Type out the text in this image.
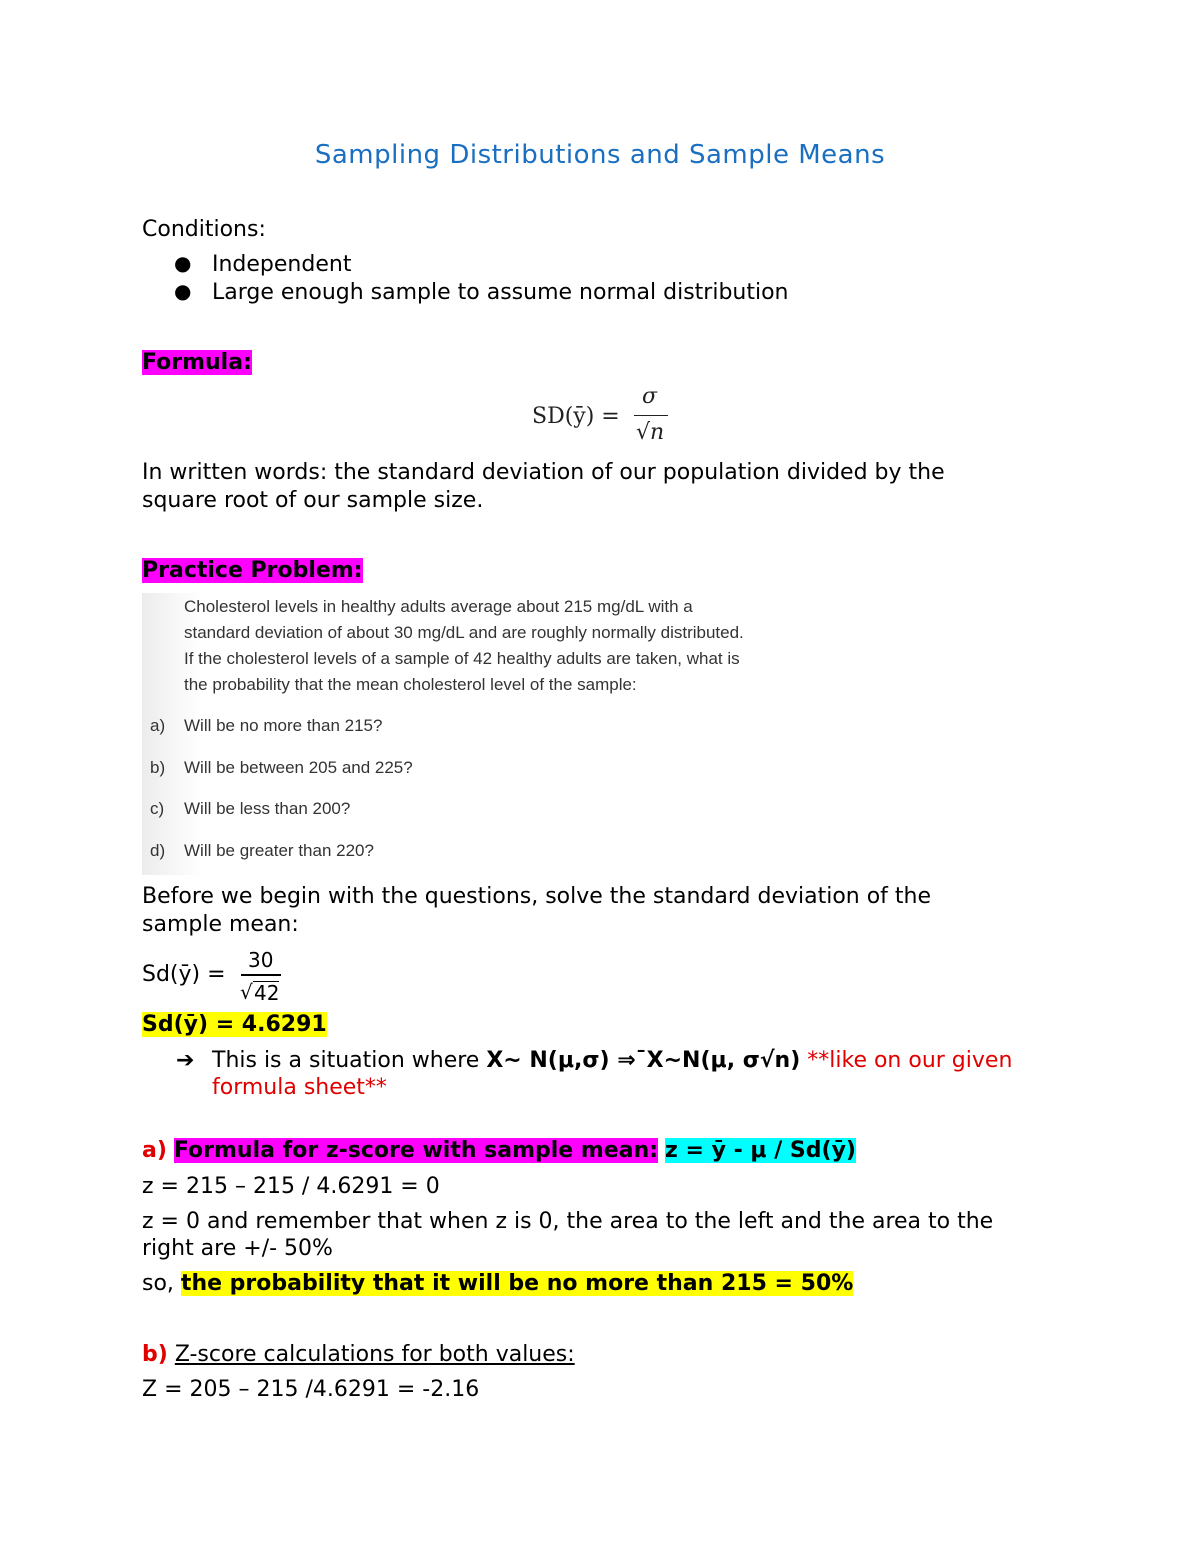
Sampling Distributions and Sample Means
Conditions:
● Independent
● Large enough sample to assume normal distribution
Formula:
SD(ȳ) =
σ
√n
In written words: the standard deviation of our population divided by the
square root of our sample size.
Practice Problem:
Cholesterol levels in healthy adults average about 215 mg/dL with a
standard deviation of about 30 mg/dL and are roughly normally distributed.
If the cholesterol levels of a sample of 42 healthy adults are taken, what is
the probability that the mean cholesterol level of the sample:
a) Will be no more than 215?
b) Will be between 205 and 225?
c) Will be less than 200?
d) Will be greater than 220?
Before we begin with the questions, solve the standard deviation of the
sample mean:
Sd(ȳ) =
30
√ 42
Sd(ȳ) = 4.6291
➔ This is a situation where X~ N(μ,σ) ⇒¯X~N(μ, σ√n) **like on our given
formula sheet**
a) Formula for z-score with sample mean: z = ȳ - μ / Sd(ȳ)
z = 215 – 215 / 4.6291 = 0
z = 0 and remember that when z is 0, the area to the left and the area to the
right are +/- 50%
so, the probability that it will be no more than 215 = 50%
b) Z-score calculations for both values:
Z = 205 – 215 /4.6291 = -2.16
